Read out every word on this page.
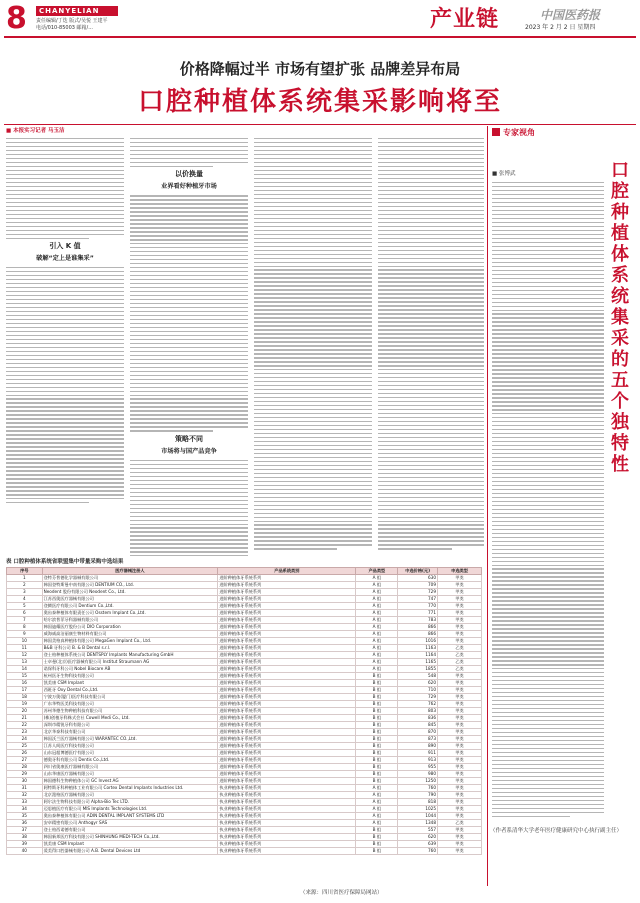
8	CHANYELIAN
责任编辑/丁迭 版式/吴悦 王建平
电话/010-85003 邮箱/...	产业链	中国医药报
2023 年 2 月 2 日 星期四
价格降幅过半 市场有望扩张 品牌差异布局
口腔种植体系统集采影响将至
■ 本报实习记者 马玉洁
引入 K 值
破解“定上是谁集采”
以价换量
业界看好种植牙市场
策略不同
市场将与国产品竞争
专家视角
■ 张博武	口腔种植体系统集采的五个独特性
（作者系清华大学老年医疗健康研究中心执行副主任）
表 口腔种植体系统省联盟集中带量采购中选结果
序号	医疗器械注册人	产品系统类别	产品类型	中选价格(元)	申选类型
1	登特芬普德化学器械有限公司	进阶种植体牙系统系列	A 组	630	甲类
2	韩国登特斯曼中南有限公司 DENTIUM CO., Ltd.	进阶种植体牙系统系列	A 组	709	甲类
3	Neodent 股份有限公司 Neodent Co., Ltd.	进阶种植体牙系统系列	A 组	729	甲类
4	江苏西奥医疗器械有限公司	进阶种植体牙系统系列	A 组	747	甲类
5	登腾医疗有限公司 Dentium Co.,Ltd.	进阶种植体牙系统系列	A 组	770	甲类
6	奥齿泰种植体有限责任公司 Osstem Implant Co.,Ltd.	进阶种植体牙系统系列	A 组	771	甲类
7	哈尔滨普菲牙科器械有限公司	进阶种植体牙系统系列	A 组	783	甲类
8	韩国迪耀医疗股份公司 DIO Corporation	进阶种植体牙系统系列	A 组	866	甲类
9	威海威高洁丽康生物材料有限公司	进阶种植体牙系统系列	A 组	866	甲类
10	韩国美格真种植体有限公司 MegaGen Implant Co., Ltd.	进阶种植体牙系统系列	A 组	1016	甲类
11	B&B 牙科公司 B. & B Dental s.r.l.	进阶种植体牙系统系列	A 组	1163	乙类
12	登士柏种植体系统公司 DENTSPLY Implants Manufacturing GmbH	进阶种植体牙系统系列	A 组	1164	乙类
13	士卓曼(北京)医疗器械有限公司 Institut Straumann AG	进阶种植体牙系统系列	A 组	1165	乙类
14	诺保科牙科公司 Nobel Biocare AB	进阶种植体牙系统系列	A 组	1855	乙类
15	杭州医牙生物科技有限公司	进阶种植体牙系统系列	B 组	548	甲类
16	凯美康 CSM Implant	进阶种植体牙系统系列	B 组	620	甲类
17	西班牙 Oxy Dental Co.,Ltd.	进阶种植体牙系统系列	B 组	710	甲类
18	宁波万奥(厦门)医疗科技有限公司	进阶种植体牙系统系列	B 组	729	甲类
19	广东华特医美科技有限公司	进阶种植体牙系统系列	B 组	762	甲类
20	苏州华德生物种植科技有限公司	进阶种植体牙系统系列	B 组	803	甲类
21	(株)创植牙科株式会社 Cowell Medi Co., Ltd.	进阶种植体牙系统系列	B 组	836	甲类
22	深圳市精锐牙科有限公司	进阶种植体牙系统系列	B 组	845	甲类
23	北京华泰科技有限公司	进阶种植体牙系统系列	B 组	870	甲类
24	韩国沃兰医疗器械有限公司 WARANTEC CO.,Ltd.	进阶种植体牙系统系列	B 组	873	甲类
25	江苏人间医疗科技有限公司	进阶种植体牙系统系列	B 组	890	甲类
26	山东冠超博德医疗有限公司	进阶种植体牙系统系列	B 组	911	甲类
27	德奥牙科有限公司 Dentis Co.,Ltd.	进阶种植体牙系统系列	B 组	913	甲类
28	四川省奥康医疗器械有限公司	进阶种植体牙系统系列	B 组	955	甲类
29	山东华康医疗器械有限公司	进阶种植体牙系统系列	B 组	980	甲类
30	韩国德科生物种植体公司 GC Invest AG	进阶种植体牙系统系列	B 组	1250	甲类
31	阿特斯牙科种植体工业有限公司 Cortex Dental Implants Industries Ltd.	执业种植体牙系统系列	A 组	760	甲类
32	北京派格医疗器械有限公司	执业种植体牙系统系列	A 组	790	甲类
33	阿尔法生物科技有限公司 Alpha-Bio Tec LTD.	执业种植体牙系统系列	A 组	818	甲类
34	迈思植医疗有限公司 MIS Implants Technologies Ltd.	执业种植体牙系统系列	A 组	1025	甲类
35	奥齿泰种植体有限公司 ADIN DENTAL IMPLANT SYSTEMS LTD	执业种植体牙系统系列	A 组	1044	甲类
36	安卓精密有限公司 Anthogyr SAS	执业种植体牙系统系列	A 组	1348	乙类
37	登士柏西诺德有限公司	执业种植体牙系统系列	B 组	557	甲类
38	韩国新邦医疗科技有限公司 SHINHUNG MEDI-TECH Co.,Ltd.	执业种植体牙系统系列	B 组	620	甲类
39	凯美康 CSM Implant	执业种植体牙系统系列	B 组	639	甲类
40	爱美得口腔器械有限公司 A.B. Dental Devices Ltd	执业种植体牙系统系列	B 组	760	甲类
（来源：四川省医疗保障局网站）
